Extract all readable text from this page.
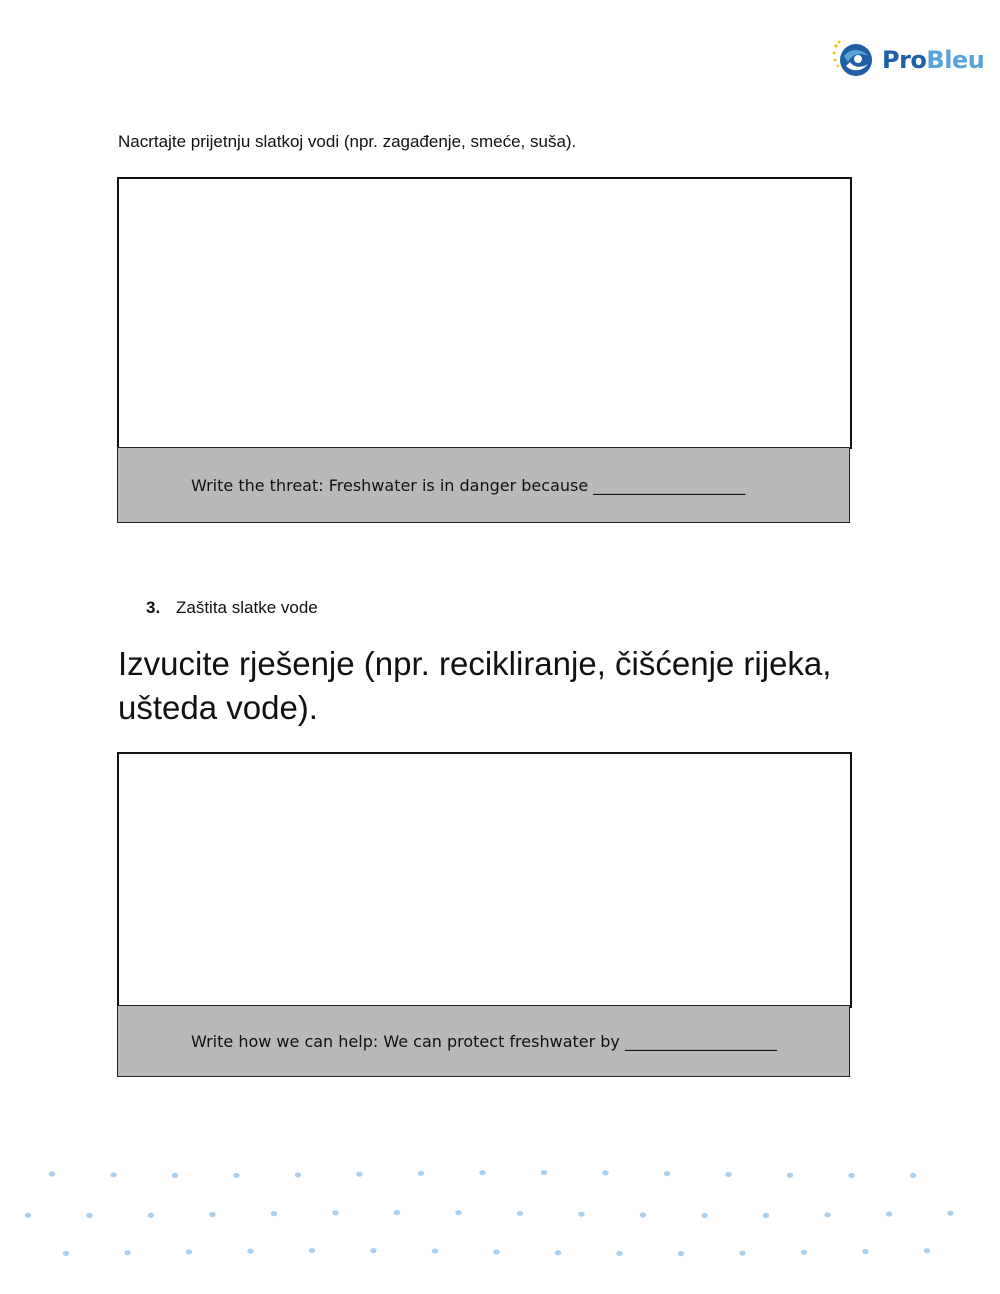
ProBleu
Nacrtajte prijetnju slatkoj vodi (npr. zagađenje, smeće, suša).
Write the threat: Freshwater is in danger because ___________________
3. Zaštita slatke vode
Izvucite rješenje (npr. recikliranje, čišćenje rijeka, ušteda vode).
Write how we can help: We can protect freshwater by ___________________
